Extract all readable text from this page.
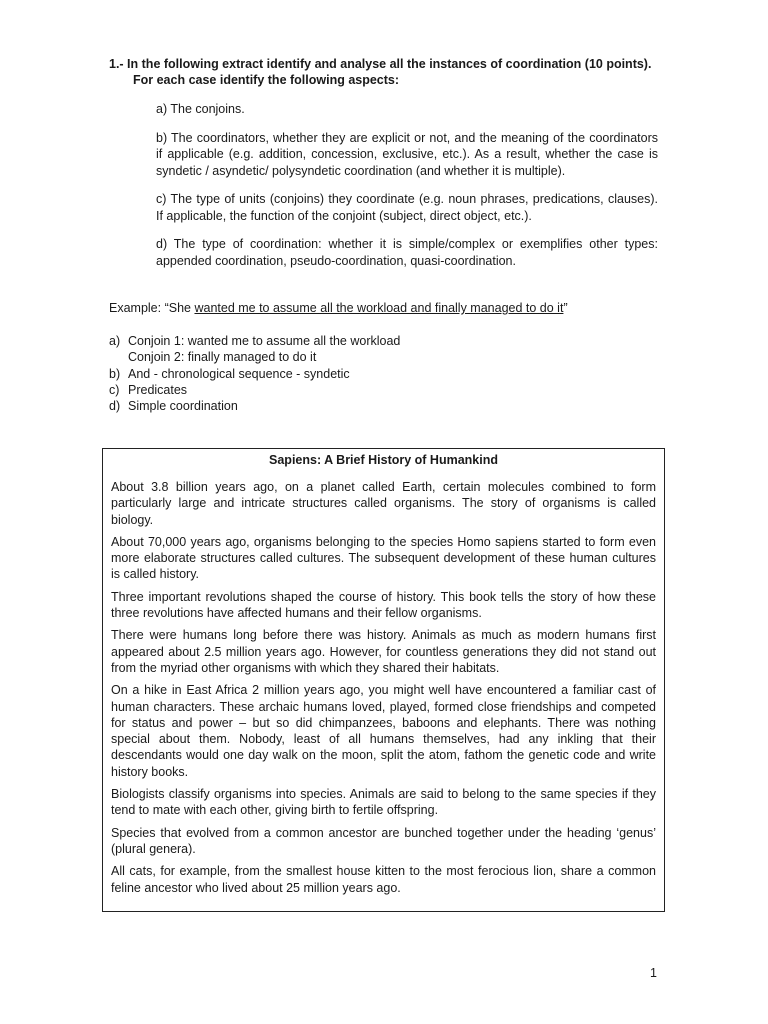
1.- In the following extract identify and analyse all the instances of coordination (10 points).
For each case identify the following aspects:

a) The conjoins.

b) The coordinators, whether they are explicit or not, and the meaning of the coordinators if applicable (e.g. addition, concession, exclusive, etc.). As a result, whether the case is syndetic / asyndetic/ polysyndetic coordination (and whether it is multiple).

c) The type of units (conjoins) they coordinate (e.g. noun phrases, predications, clauses). If applicable, the function of the conjoint (subject, direct object, etc.).

d) The type of coordination: whether it is simple/complex or exemplifies other types: appended coordination, pseudo-coordination, quasi-coordination.

Example: “She wanted me to assume all the workload and finally managed to do it”
a) Conjoin 1: wanted me to assume all the workload
Conjoin 2: finally managed to do it
b) And - chronological sequence - syndetic
c) Predicates
d) Simple coordination
Sapiens: A Brief History of Humankind

About 3.8 billion years ago, on a planet called Earth, certain molecules combined to form particularly large and intricate structures called organisms. The story of organisms is called biology.

About 70,000 years ago, organisms belonging to the species Homo sapiens started to form even more elaborate structures called cultures. The subsequent development of these human cultures is called history.

Three important revolutions shaped the course of history. This book tells the story of how these three revolutions have affected humans and their fellow organisms.

There were humans long before there was history. Animals as much as modern humans first appeared about 2.5 million years ago. However, for countless generations they did not stand out from the myriad other organisms with which they shared their habitats.

On a hike in East Africa 2 million years ago, you might well have encountered a familiar cast of human characters. These archaic humans loved, played, formed close friendships and competed for status and power – but so did chimpanzees, baboons and elephants. There was nothing special about them. Nobody, least of all humans themselves, had any inkling that their descendants would one day walk on the moon, split the atom, fathom the genetic code and write history books.

Biologists classify organisms into species. Animals are said to belong to the same species if they tend to mate with each other, giving birth to fertile offspring.

Species that evolved from a common ancestor are bunched together under the heading ‘genus’ (plural genera).

All cats, for example, from the smallest house kitten to the most ferocious lion, share a common feline ancestor who lived about 25 million years ago.

1
